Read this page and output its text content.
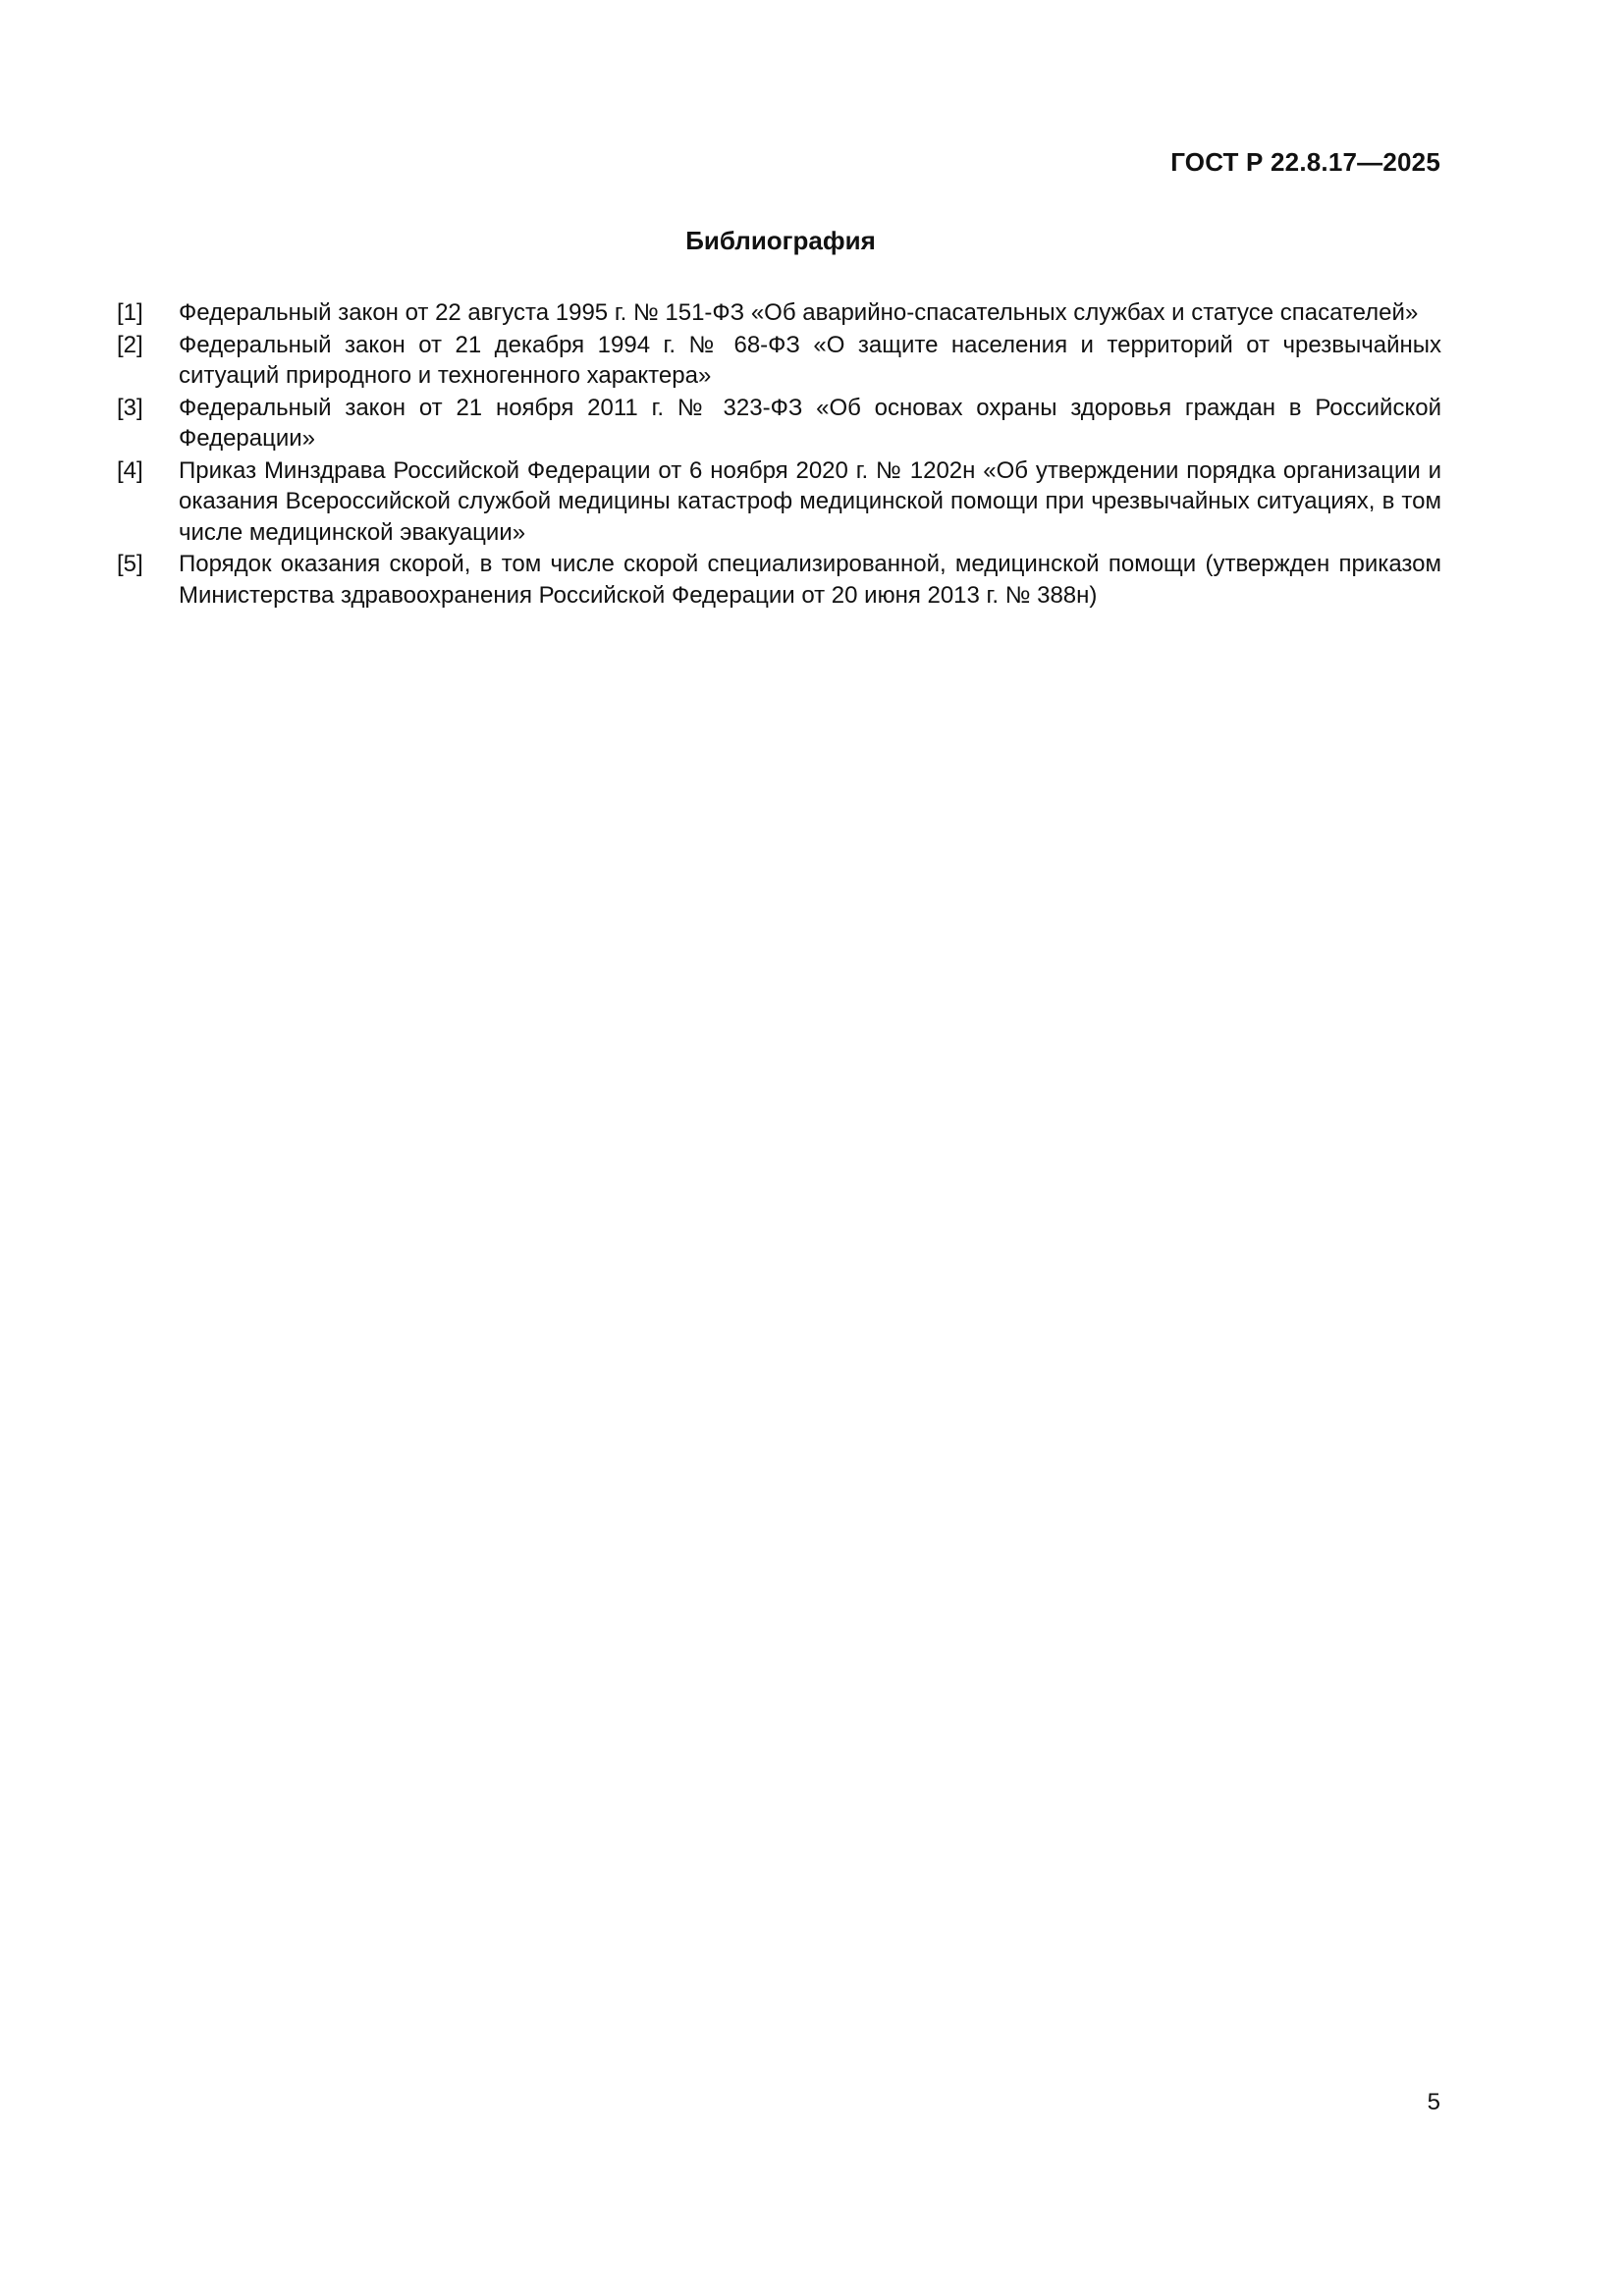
ГОСТ Р 22.8.17—2025
Библиография
[1]	Федеральный закон от 22 августа 1995 г. № 151-ФЗ «Об аварийно-спасательных службах и статусе спасателей»
[2]	Федеральный закон от 21 декабря 1994 г. № 68-ФЗ «О защите населения и территорий от чрезвычайных ситуаций природного и техногенного характера»
[3]	Федеральный закон от 21 ноября 2011 г. № 323-ФЗ «Об основах охраны здоровья граждан в Российской Федерации»
[4]	Приказ Минздрава Российской Федерации от 6 ноября 2020 г. № 1202н «Об утверждении порядка организации и оказания Всероссийской службой медицины катастроф медицинской помощи при чрезвычайных ситуациях, в том числе медицинской эвакуации»
[5]	Порядок оказания скорой, в том числе скорой специализированной, медицинской помощи (утвержден приказом Министерства здравоохранения Российской Федерации от 20 июня 2013 г. № 388н)
5
